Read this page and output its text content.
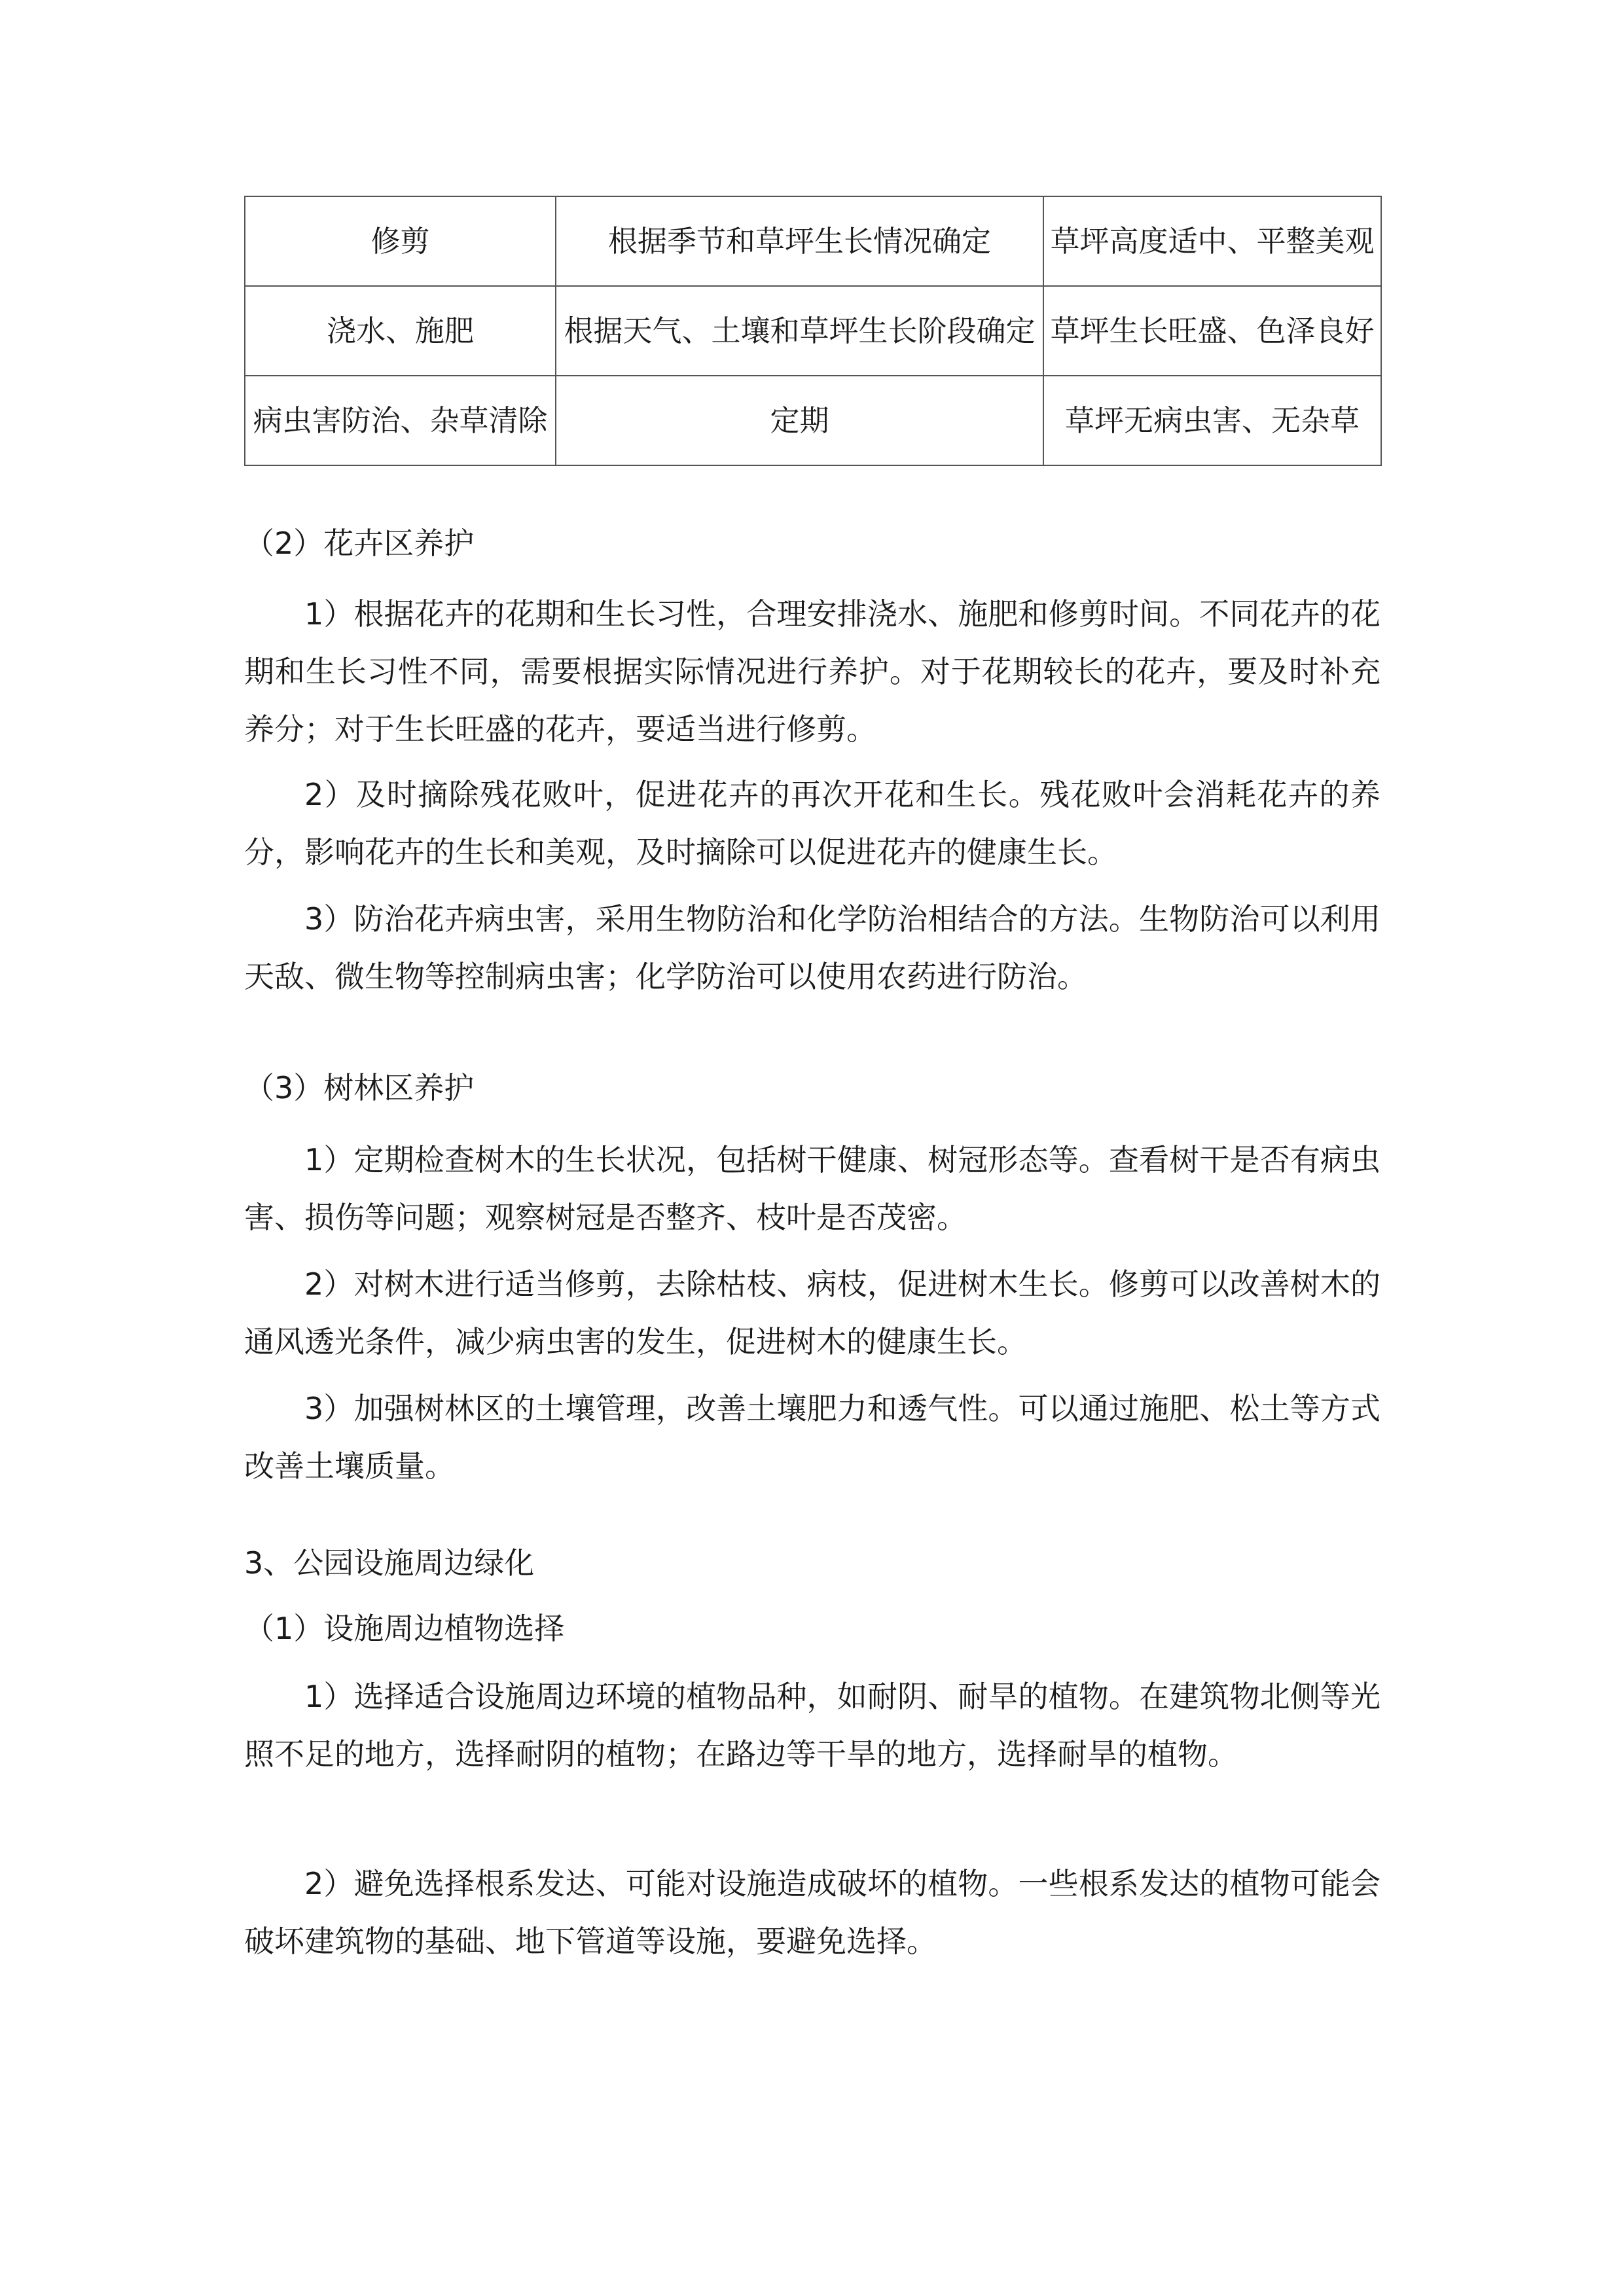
修剪	根据季节和草坪生长情况确定	草坪高度适中、平整美观
浇水、施肥	根据天气、土壤和草坪生长阶段确定	草坪生长旺盛、色泽良好
病虫害防治、杂草清除	定期	草坪无病虫害、无杂草

（2）花卉区养护

1）根据花卉的花期和生长习性，合理安排浇水、施肥和修剪时间。不同花卉的花期和生长习性不同，需要根据实际情况进行养护。对于花期较长的花卉，要及时补充养分；对于生长旺盛的花卉，要适当进行修剪。

2）及时摘除残花败叶，促进花卉的再次开花和生长。残花败叶会消耗花卉的养分，影响花卉的生长和美观，及时摘除可以促进花卉的健康生长。

3）防治花卉病虫害，采用生物防治和化学防治相结合的方法。生物防治可以利用天敌、微生物等控制病虫害；化学防治可以使用农药进行防治。

（3）树林区养护

1）定期检查树木的生长状况，包括树干健康、树冠形态等。查看树干是否有病虫害、损伤等问题；观察树冠是否整齐、枝叶是否茂密。

2）对树木进行适当修剪，去除枯枝、病枝，促进树木生长。修剪可以改善树木的通风透光条件，减少病虫害的发生，促进树木的健康生长。

3）加强树林区的土壤管理，改善土壤肥力和透气性。可以通过施肥、松土等方式改善土壤质量。

3、公园设施周边绿化

（1）设施周边植物选择

1）选择适合设施周边环境的植物品种，如耐阴、耐旱的植物。在建筑物北侧等光照不足的地方，选择耐阴的植物；在路边等干旱的地方，选择耐旱的植物。

2）避免选择根系发达、可能对设施造成破坏的植物。一些根系发达的植物可能会破坏建筑物的基础、地下管道等设施，要避免选择。
